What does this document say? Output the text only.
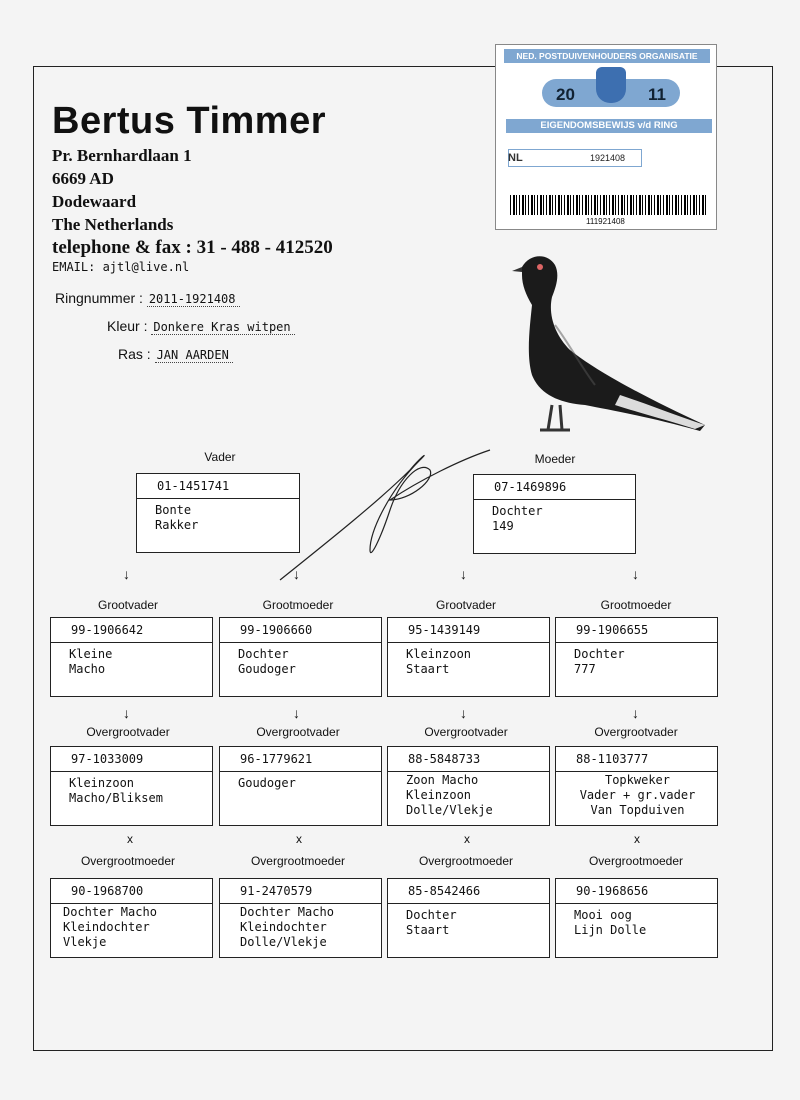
Bertus Timmer
Pr. Bernhardlaan 1
6669 AD
Dodewaard
The Netherlands
telephone & fax : 31 - 488 - 412520
EMAIL: ajtl@live.nl
Ringnummer : 2011-1921408
Kleur : Donkere Kras witpen
Ras : JAN AARDEN
NED. POSTDUIVENHOUDERS ORGANISATIE
20	11
EIGENDOMSBEWIJS v/d RING
NL	1921408
111921408
Vader
01-1451741
Bonte
Rakker
Moeder
07-1469896
Dochter
149
↓	↓	↓	↓
Grootvader	Grootmoeder	Grootvader	Grootmoeder
99-1906642
Kleine
Macho
99-1906660
Dochter
Goudoger
95-1439149
Kleinzoon
Staart
99-1906655
Dochter
777
↓	↓	↓	↓
Overgrootvader	Overgrootvader	Overgrootvader	Overgrootvader
97-1033009
Kleinzoon
Macho/Bliksem
96-1779621
Goudoger
88-5848733
Zoon Macho
Kleinzoon
Dolle/Vlekje
88-1103777
Topkweker
Vader + gr.vader
Van Topduiven
x	x	x	x
Overgrootmoeder	Overgrootmoeder	Overgrootmoeder	Overgrootmoeder
90-1968700
Dochter Macho
Kleindochter
Vlekje
91-2470579
Dochter Macho
Kleindochter
Dolle/Vlekje
85-8542466
Dochter
Staart
90-1968656
Mooi oog
Lijn Dolle
